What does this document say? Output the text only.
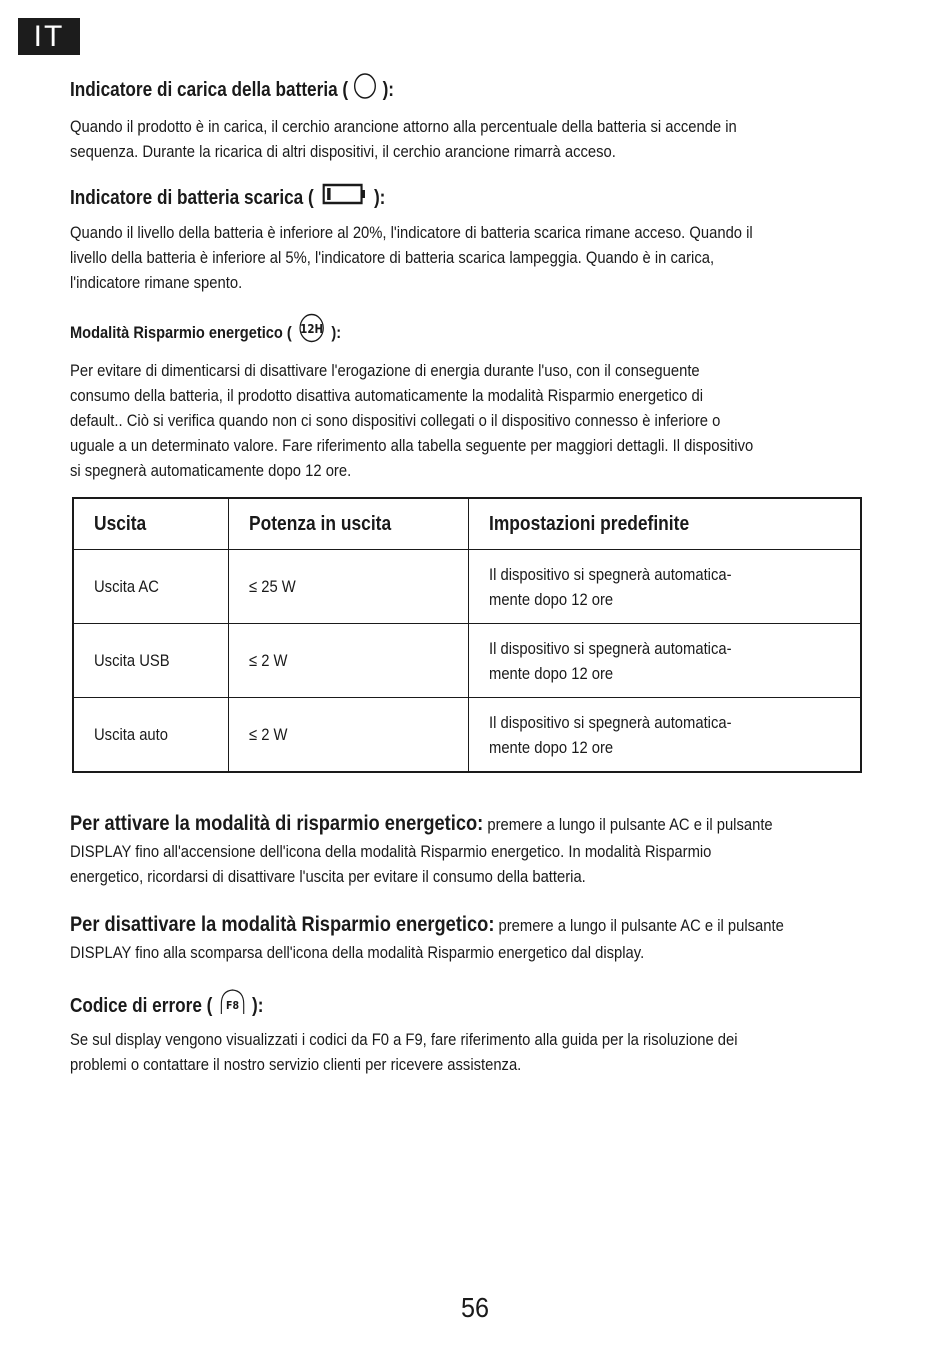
IT
Indicatore di carica della batteria ( ):

Quando il prodotto è in carica, il cerchio arancione attorno alla percentuale della batteria si accende in

sequenza. Durante la ricarica di altri dispositivi, il cerchio arancione rimarrà acceso.

Indicatore di batteria scarica (	):

Quando il livello della batteria è inferiore al 20%, l'indicatore di batteria scarica rimane acceso. Quando il

livello della batteria è inferiore al 5%, l'indicatore di batteria scarica lampeggia. Quando è in carica,

l'indicatore rimane spento.

Modalità Risparmio energetico ( 12H ):

Per evitare di dimenticarsi di disattivare l'erogazione di energia durante l'uso, con il conseguente

consumo della batteria, il prodotto disattiva automaticamente la modalità Risparmio energetico di

default.. Ciò si verifica quando non ci sono dispositivi collegati o il dispositivo connesso è inferiore o

uguale a un determinato valore. Fare riferimento alla tabella seguente per maggiori dettagli. Il dispositivo

si spegnerà automaticamente dopo 12 ore.

Uscita	Potenza in uscita	Impostazioni predefinite
Uscita AC	≤ 25 W	Il dispositivo si spegnerà automatica-
mente dopo 12 ore
Uscita USB	≤ 2 W	Il dispositivo si spegnerà automatica-
mente dopo 12 ore
Uscita auto	≤ 2 W	Il dispositivo si spegnerà automatica-
mente dopo 12 ore

Per attivare la modalità di risparmio energetico: premere a lungo il pulsante AC e il pulsante

DISPLAY fino all'accensione dell'icona della modalità Risparmio energetico. In modalità Risparmio

energetico, ricordarsi di disattivare l'uscita per evitare il consumo della batteria.

Per disattivare la modalità Risparmio energetico: premere a lungo il pulsante AC e il pulsante

DISPLAY fino alla scomparsa dell'icona della modalità Risparmio energetico dal display.

Codice di errore ( F8 ):

Se sul display vengono visualizzati i codici da F0 a F9, fare riferimento alla guida per la risoluzione dei

problemi o contattare il nostro servizio clienti per ricevere assistenza.

56
